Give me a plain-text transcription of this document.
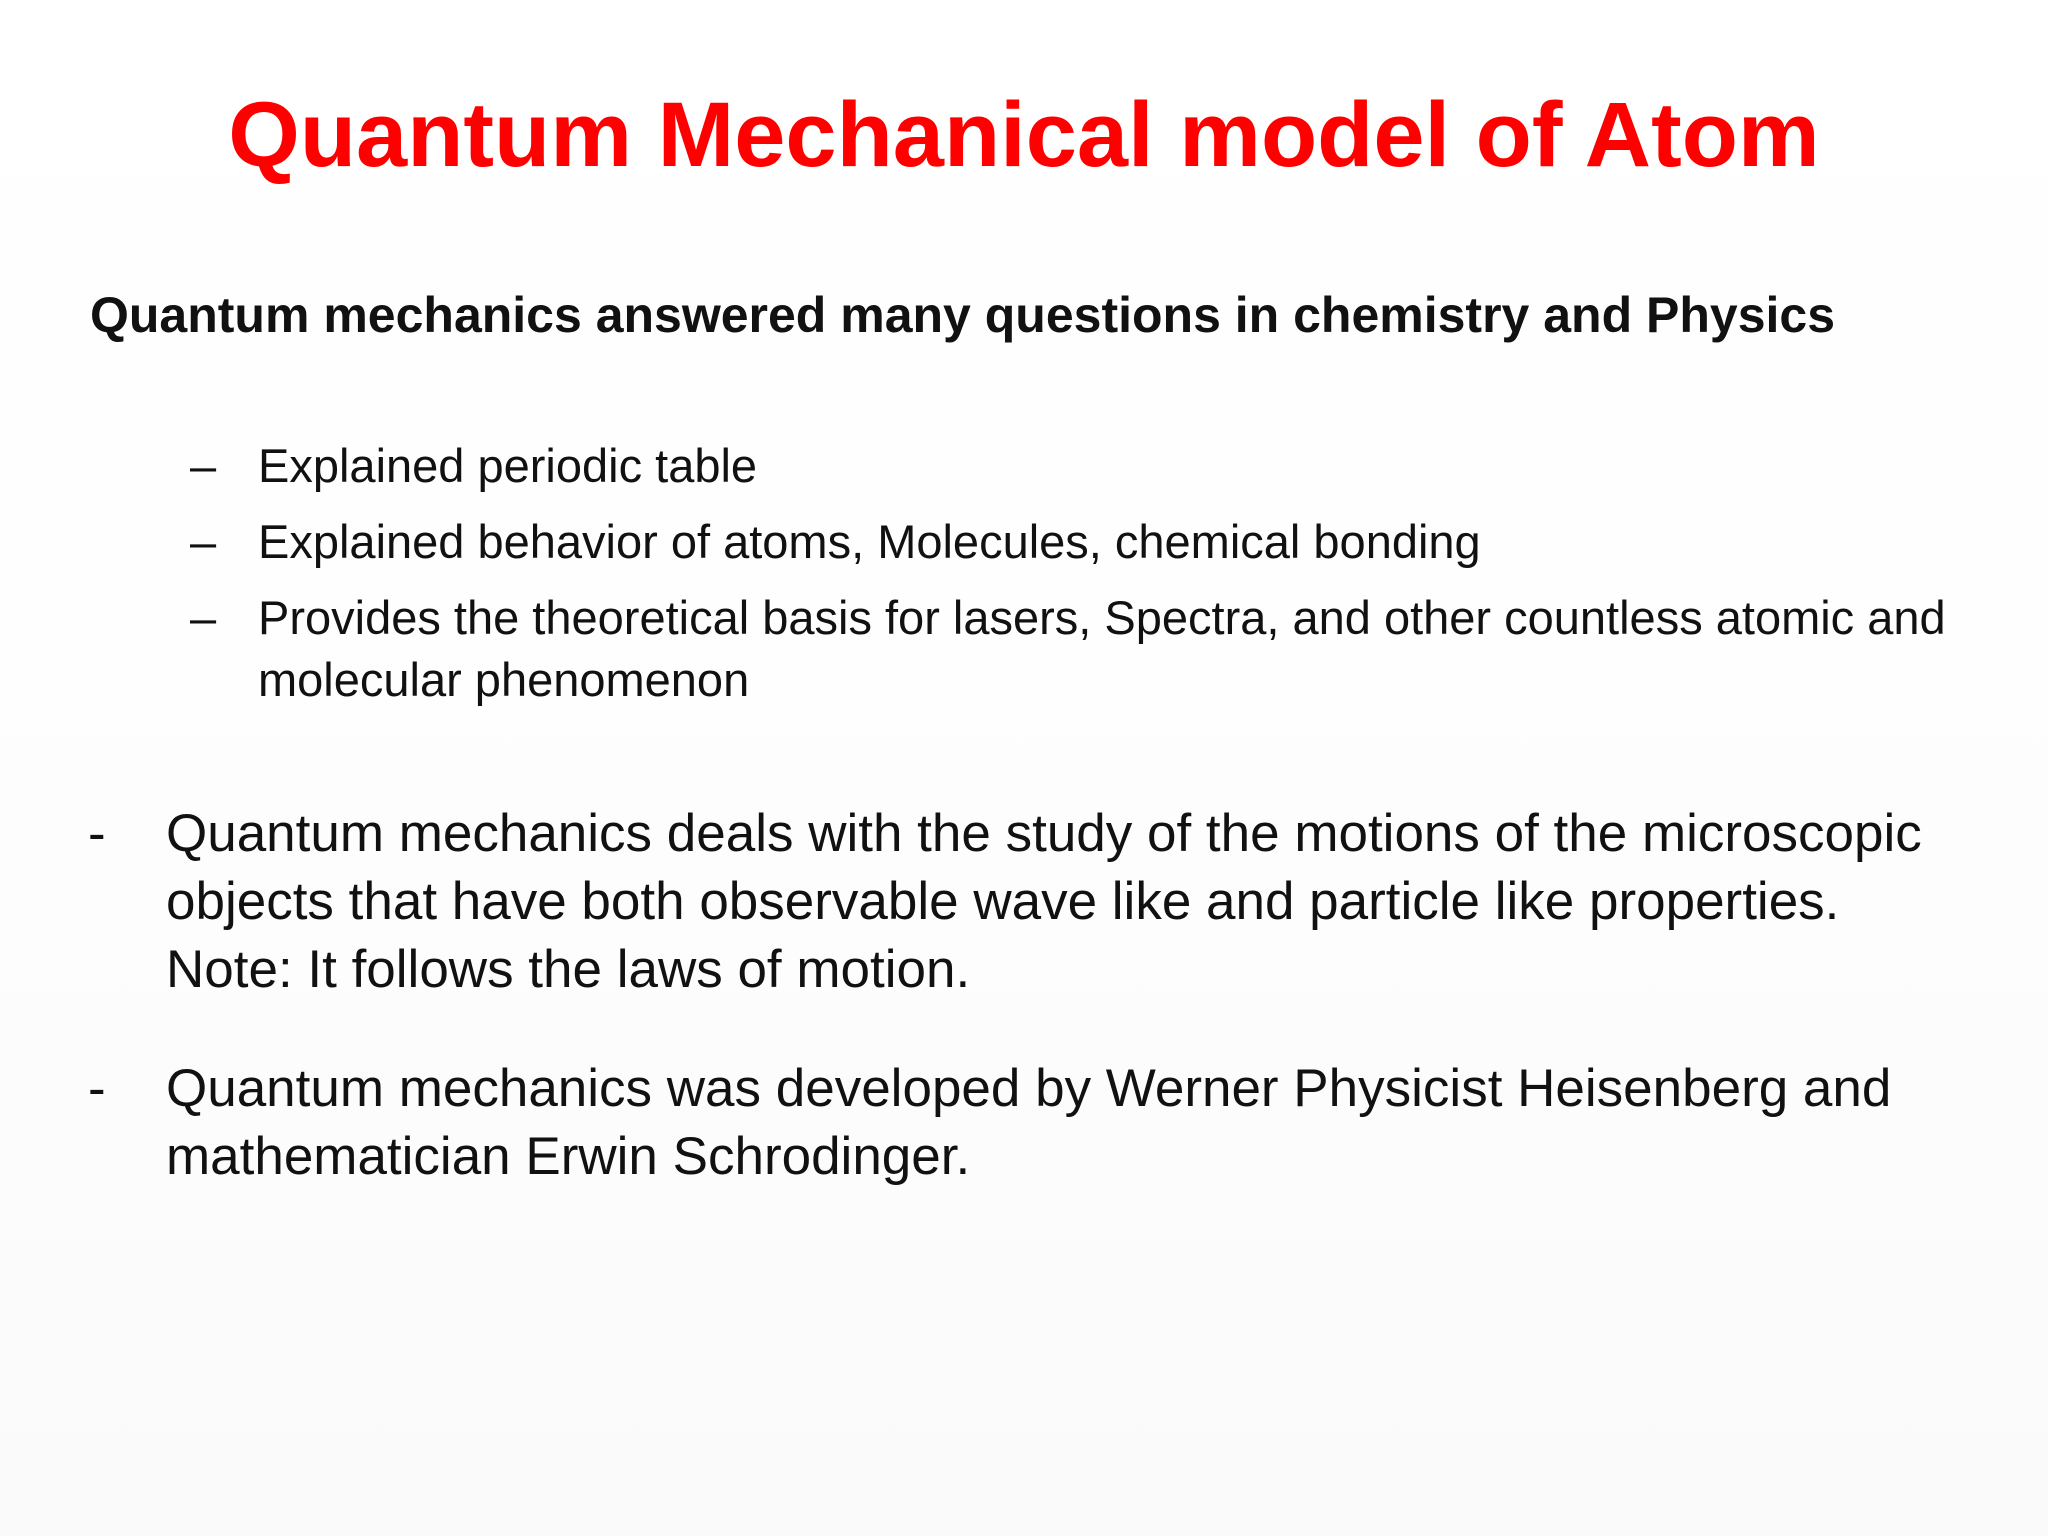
Quantum Mechanical model of Atom
Quantum mechanics answered many questions in chemistry and Physics
– Explained periodic table
– Explained behavior of atoms, Molecules, chemical bonding
– Provides the theoretical basis for lasers, Spectra, and other countless atomic and molecular phenomenon
-	Quantum mechanics deals with the study of the motions of the microscopic objects that have both observable wave like and particle like properties. Note: It follows the laws of motion.
-	Quantum mechanics was developed by Werner Physicist Heisenberg and mathematician Erwin Schrodinger.
